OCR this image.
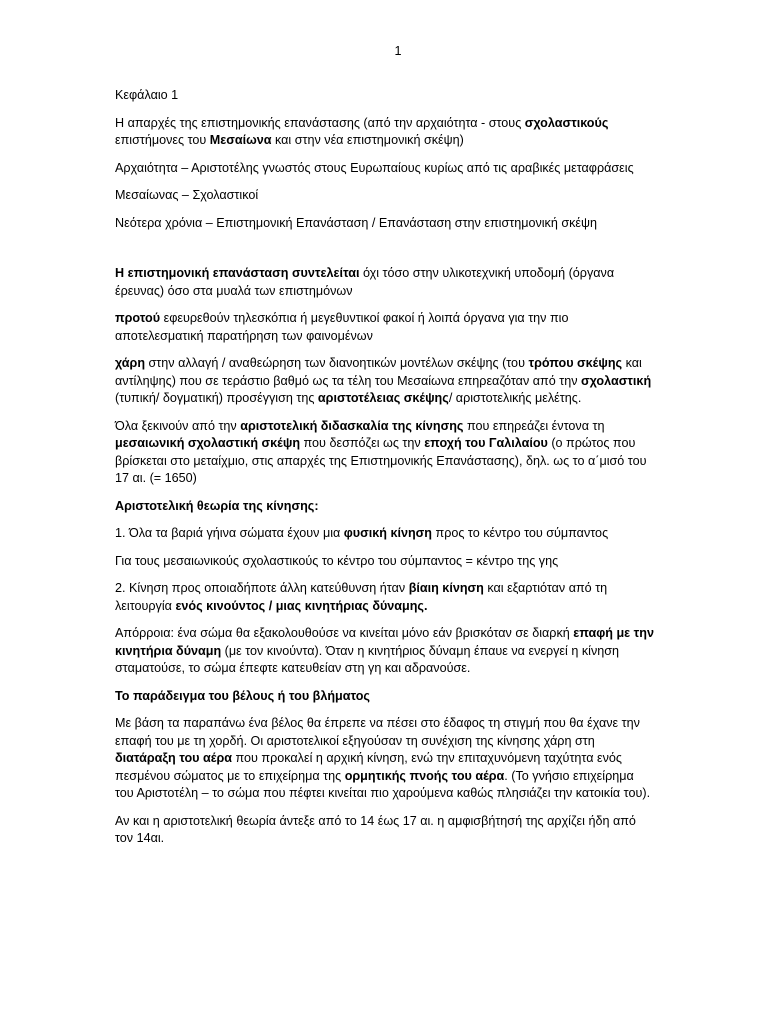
1

Κεφάλαιο 1

Η απαρχές της επιστημονικής επανάστασης (από την αρχαιότητα - στους σχολαστικούς επιστήμονες του Μεσαίωνα και στην νέα επιστημονική σκέψη)

Αρχαιότητα – Αριστοτέλης γνωστός στους Ευρωπαίους κυρίως από τις αραβικές μεταφράσεις

Μεσαίωνας – Σχολαστικοί

Νεότερα χρόνια – Επιστημονική Επανάσταση / Επανάσταση στην επιστημονική σκέψη

Η επιστημονική επανάσταση συντελείται όχι τόσο στην υλικοτεχνική υποδομή (όργανα έρευνας) όσο στα μυαλά των επιστημόνων

προτού εφευρεθούν τηλεσκόπια ή μεγεθυντικοί φακοί ή λοιπά όργανα για την πιο αποτελεσματική παρατήρηση των φαινομένων

χάρη στην αλλαγή / αναθεώρηση των διανοητικών μοντέλων σκέψης (του τρόπου σκέψης και αντίληψης) που σε τεράστιο βαθμό ως τα τέλη του Μεσαίωνα επηρεαζόταν από την σχολαστική (τυπική/ δογματική) προσέγγιση της αριστοτέλειας σκέψης/ αριστοτελικής μελέτης.

Όλα ξεκινούν από την αριστοτελική διδασκαλία της κίνησης που επηρεάζει έντονα τη μεσαιωνική σχολαστική σκέψη που δεσπόζει ως την εποχή του Γαλιλαίου (ο πρώτος που βρίσκεται στο μεταίχμιο, στις απαρχές της Επιστημονικής Επανάστασης), δηλ. ως το α΄μισό του 17 αι. (= 1650)

Αριστοτελική θεωρία της κίνησης:

1. Όλα τα βαριά γήινα σώματα έχουν μια φυσική κίνηση προς το κέντρο του σύμπαντος

Για τους μεσαιωνικούς σχολαστικούς το κέντρο του σύμπαντος = κέντρο της γης

2. Κίνηση προς οποιαδήποτε άλλη κατεύθυνση ήταν βίαιη κίνηση και εξαρτιόταν από τη λειτουργία ενός κινούντος / μιας κινητήριας δύναμης.

Απόρροια: ένα σώμα θα εξακολουθούσε να κινείται μόνο εάν βρισκόταν σε διαρκή επαφή με την κινητήρια δύναμη (με τον κινούντα). Όταν η κινητήριος δύναμη έπαυε να ενεργεί η κίνηση σταματούσε, το σώμα έπεφτε κατευθείαν στη γη και αδρανούσε.

Το παράδειγμα του βέλους ή του βλήματος

Με βάση τα παραπάνω ένα βέλος θα έπρεπε να πέσει στο έδαφος τη στιγμή που θα έχανε την επαφή του με τη χορδή. Οι αριστοτελικοί εξηγούσαν τη συνέχιση της κίνησης χάρη στη διατάραξη του αέρα που προκαλεί η αρχική κίνηση, ενώ την επιταχυνόμενη ταχύτητα ενός πεσμένου σώματος με το επιχείρημα της ορμητικής πνοής του αέρα. (Το γνήσιο επιχείρημα του Αριστοτέλη – το σώμα που πέφτει κινείται πιο χαρούμενα καθώς πλησιάζει την κατοικία του).

Αν και η αριστοτελική θεωρία άντεξε από το 14 έως 17 αι. η αμφισβήτησή της αρχίζει ήδη από τον 14αι.
